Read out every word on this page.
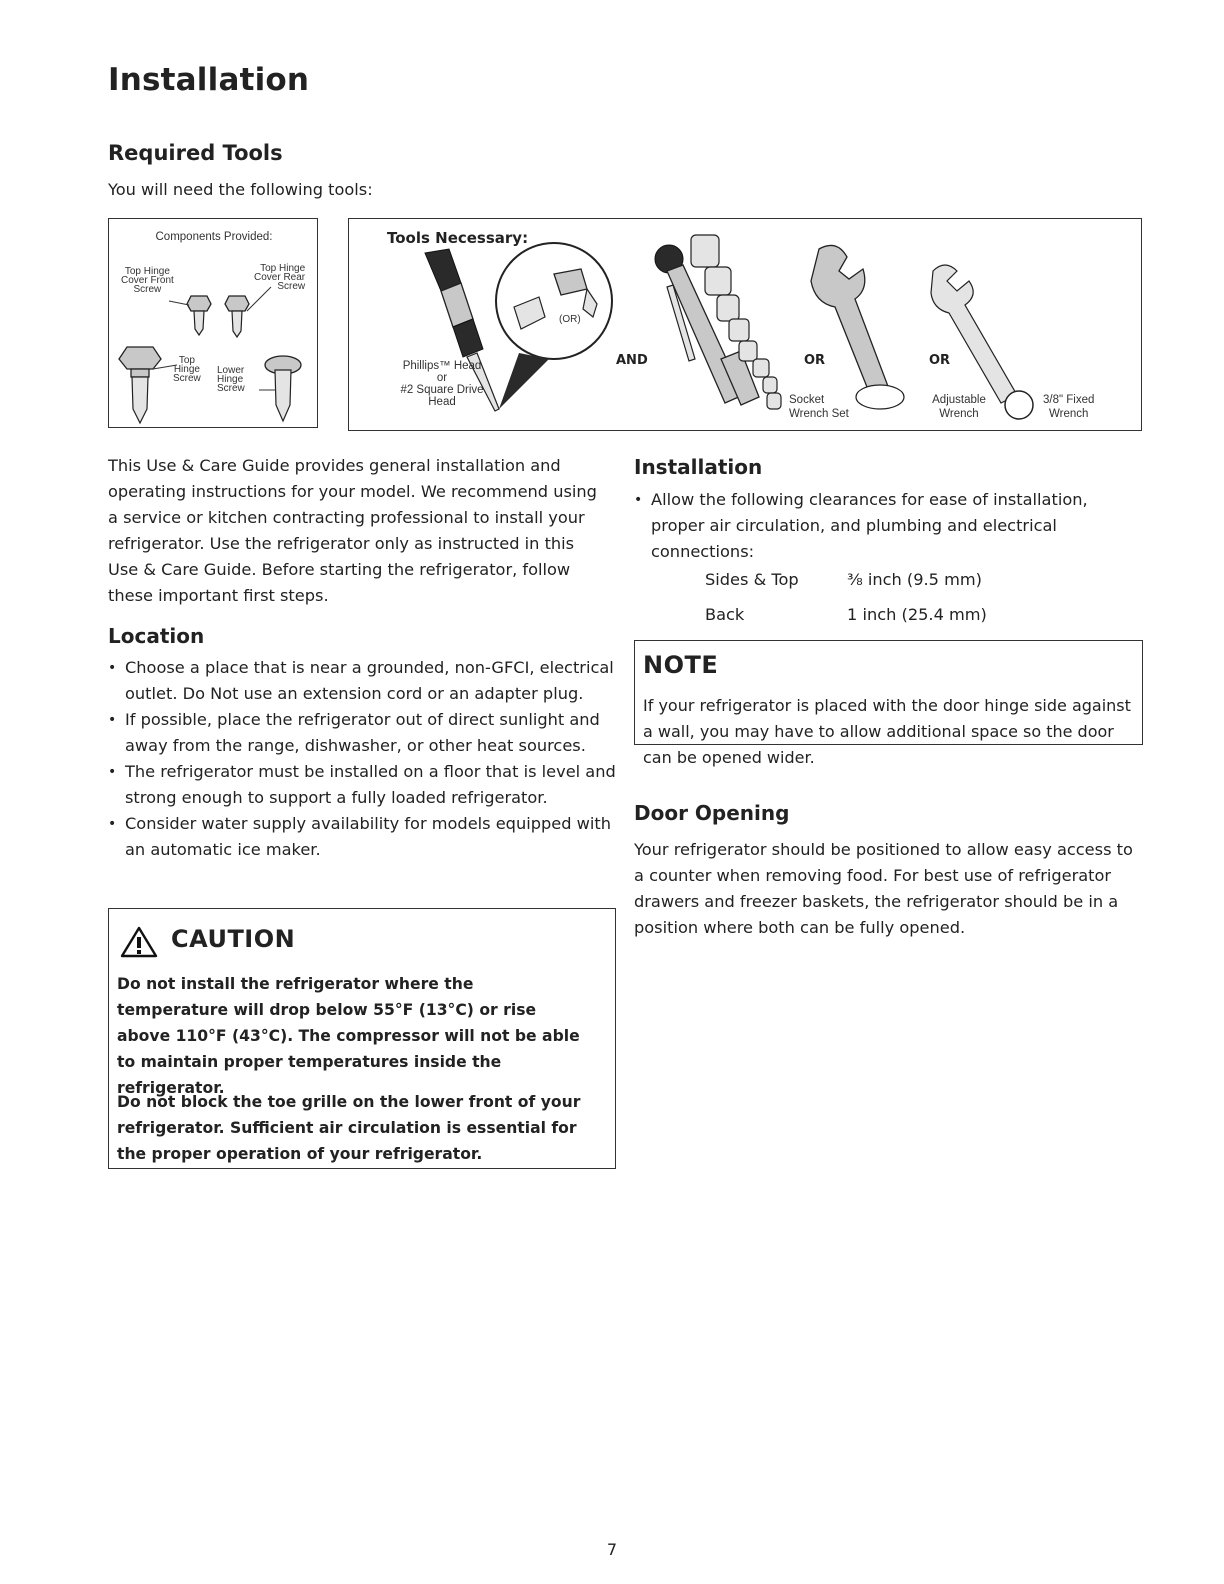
Installation
Required Tools

You will need the following tools:

Components Provided:
Top Hinge
Cover Front
Screw
Top Hinge
Cover Rear
Screw
Top
Hinge
Screw
Lower
Hinge
Screw
Tools Necessary:
(OR)
Phillips™ Head
or
#2 Square Drive
Head
AND	OR	OR
Socket
Wrench Set
Adjustable
Wrench
3/8" Fixed
Wrench

This Use & Care Guide provides general installation and operating instructions for your model. We recommend using a service or kitchen contracting professional to install your refrigerator. Use the refrigerator only as instructed in this Use & Care Guide. Before starting the refrigerator, follow these important first steps.

Location
• Choose a place that is near a grounded, non-GFCI, electrical outlet. Do Not use an extension cord or an adapter plug.
• If possible, place the refrigerator out of direct sunlight and away from the range, dishwasher, or other heat sources.
• The refrigerator must be installed on a floor that is level and strong enough to support a fully loaded refrigerator.
• Consider water supply availability for models equipped with an automatic ice maker.
CAUTION

Do not install the refrigerator where the temperature will drop below 55°F (13°C) or rise above 110°F (43°C). The compressor will not be able to maintain proper temperatures inside the refrigerator.

Do not block the toe grille on the lower front of your refrigerator. Sufficient air circulation is essential for the proper operation of your refrigerator.

Installation
• Allow the following clearances for ease of installation, proper air circulation, and plumbing and electrical connections:
Sides & Top	⅜ inch (9.5 mm)
Back	1 inch (25.4 mm)
NOTE

If your refrigerator is placed with the door hinge side against a wall, you may have to allow additional space so the door can be opened wider.

Door Opening

Your refrigerator should be positioned to allow easy access to a counter when removing food. For best use of refrigerator drawers and freezer baskets, the refrigerator should be in a position where both can be fully opened.

7
